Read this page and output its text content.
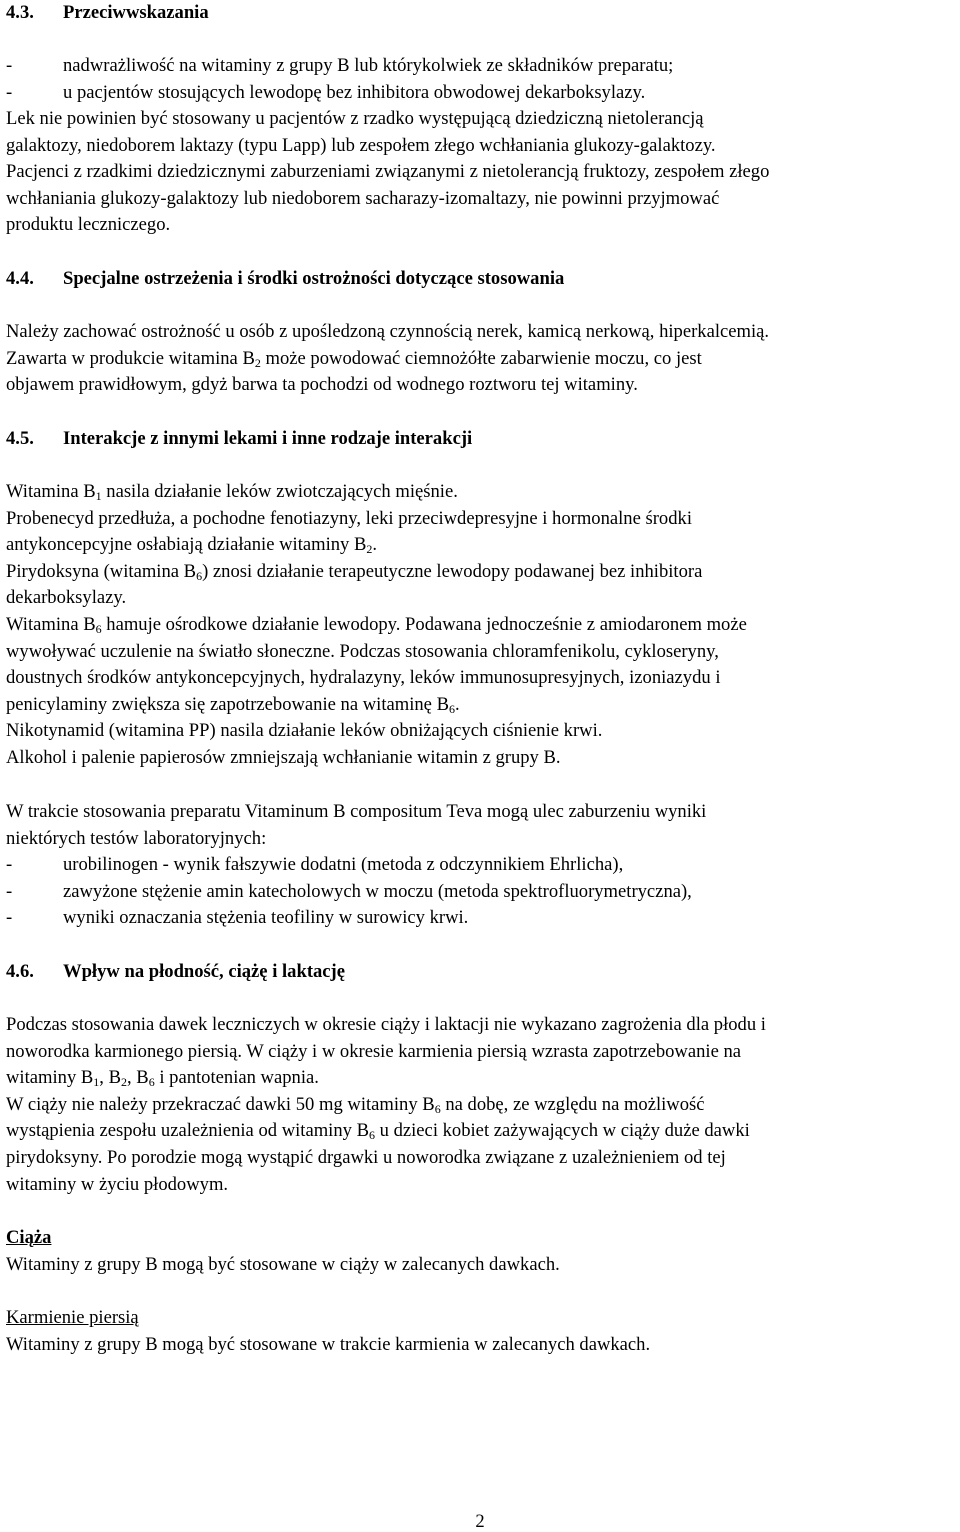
4.3. Przeciwwskazania
-	nadwrażliwość na witaminy z grupy B lub którykolwiek ze składników preparatu;
-	u pacjentów stosujących lewodopę bez inhibitora obwodowej dekarboksylazy.
Lek nie powinien być stosowany u pacjentów z rzadko występującą dziedziczną nietolerancją
galaktozy, niedoborem laktazy (typu Lapp) lub zespołem złego wchłaniania glukozy-galaktozy.
Pacjenci z rzadkimi dziedzicznymi zaburzeniami związanymi z nietolerancją fruktozy, zespołem złego
wchłaniania glukozy-galaktozy lub niedoborem sacharazy-izomaltazy, nie powinni przyjmować
produktu leczniczego.
4.4. Specjalne ostrzeżenia i środki ostrożności dotyczące stosowania
Należy zachować ostrożność u osób z upośledzoną czynnością nerek, kamicą nerkową, hiperkalcemią.
Zawarta w produkcie witamina $B_2$ może powodować ciemnożółte zabarwienie moczu, co jest
objawem prawidłowym, gdyż barwa ta pochodzi od wodnego roztworu tej witaminy.
4.5. Interakcje z innymi lekami i inne rodzaje interakcji
Witamina $B_1$ nasila działanie leków zwiotczających mięśnie.
Probenecyd przedłuża, a pochodne fenotiazyny, leki przeciwdepresyjne i hormonalne środki
antykoncepcyjne osłabiają działanie witaminy $B_2$.
Pirydoksyna (witamina $B_6$) znosi działanie terapeutyczne lewodopy podawanej bez inhibitora
dekarboksylazy.
Witamina $B_6$ hamuje ośrodkowe działanie lewodopy. Podawana jednocześnie z amiodaronem może
wywoływać uczulenie na światło słoneczne. Podczas stosowania chloramfenikolu, cykloseryny,
doustnych środków antykoncepcyjnych, hydralazyny, leków immunosupresyjnych, izoniazydu i
penicylaminy zwiększa się zapotrzebowanie na witaminę $B_6$.
Nikotynamid (witamina PP) nasila działanie leków obniżających ciśnienie krwi.
Alkohol i palenie papierosów zmniejszają wchłanianie witamin z grupy B.
W trakcie stosowania preparatu Vitaminum B compositum Teva mogą ulec zaburzeniu wyniki
niektórych testów laboratoryjnych:
-	urobilinogen - wynik fałszywie dodatni (metoda z odczynnikiem Ehrlicha),
-	zawyżone stężenie amin katecholowych w moczu (metoda spektrofluorymetryczna),
-	wyniki oznaczania stężenia teofiliny w surowicy krwi.
4.6. Wpływ na płodność, ciążę i laktację
Podczas stosowania dawek leczniczych w okresie ciąży i laktacji nie wykazano zagrożenia dla płodu i
noworodka karmionego piersią. W ciąży i w okresie karmienia piersią wzrasta zapotrzebowanie na
witaminy $B_1$, $B_2$, $B_6$ i pantotenian wapnia.
W ciąży nie należy przekraczać dawki 50 mg witaminy $B_6$ na dobę, ze względu na możliwość
wystąpienia zespołu uzależnienia od witaminy $B_6$ u dzieci kobiet zażywających w ciąży duże dawki
pirydoksyny. Po porodzie mogą wystąpić drgawki u noworodka związane z uzależnieniem od tej
witaminy w życiu płodowym.
Ciąża
Witaminy z grupy B mogą być stosowane w ciąży w zalecanych dawkach.
Karmienie piersią
Witaminy z grupy B mogą być stosowane w trakcie karmienia w zalecanych dawkach.
2
